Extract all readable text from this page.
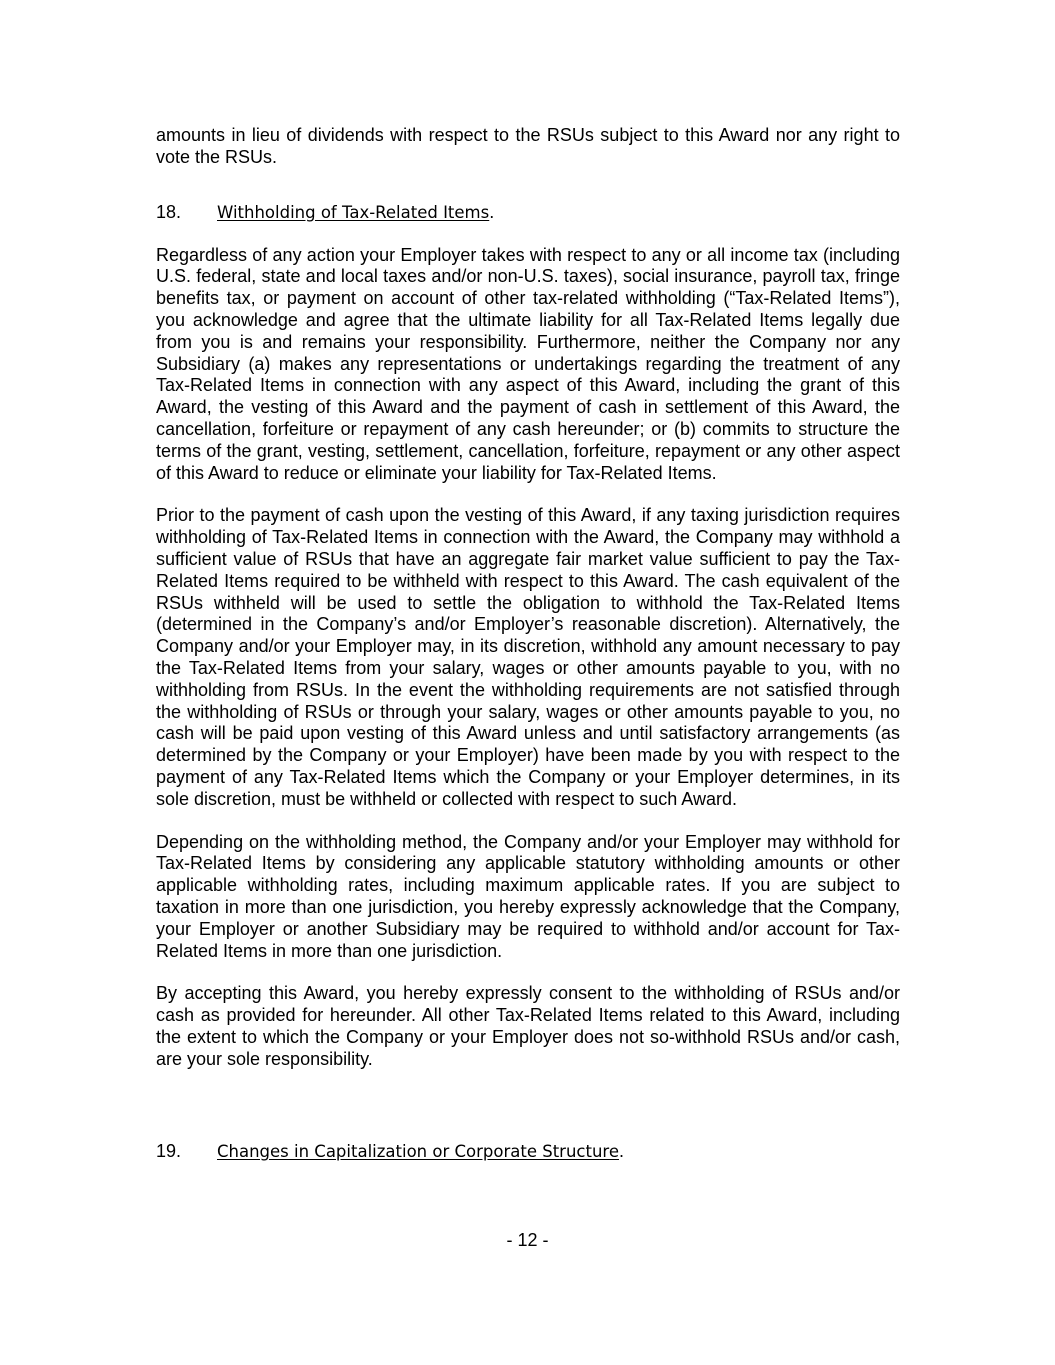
amounts in lieu of dividends with respect to the RSUs subject to this Award nor any right to vote the RSUs.

18.	Withholding of Tax-Related Items.

Regardless of any action your Employer takes with respect to any or all income tax (including U.S. federal, state and local taxes and/or non-U.S. taxes), social insurance, payroll tax, fringe benefits tax, or payment on account of other tax-related withholding (“Tax-Related Items”), you acknowledge and agree that the ultimate liability for all Tax-Related Items legally due from you is and remains your responsibility. Furthermore, neither the Company nor any Subsidiary (a) makes any representations or undertakings regarding the treatment of any Tax-Related Items in connection with any aspect of this Award, including the grant of this Award, the vesting of this Award and the payment of cash in settlement of this Award, the cancellation, forfeiture or repayment of any cash hereunder; or (b) commits to structure the terms of the grant, vesting, settlement, cancellation, forfeiture, repayment or any other aspect of this Award to reduce or eliminate your liability for Tax-Related Items.

Prior to the payment of cash upon the vesting of this Award, if any taxing jurisdiction requires withholding of Tax-Related Items in connection with the Award, the Company may withhold a sufficient value of RSUs that have an aggregate fair market value sufficient to pay the Tax-Related Items required to be withheld with respect to this Award. The cash equivalent of the RSUs withheld will be used to settle the obligation to withhold the Tax-Related Items (determined in the Company’s and/or Employer’s reasonable discretion). Alternatively, the Company and/or your Employer may, in its discretion, withhold any amount necessary to pay the Tax-Related Items from your salary, wages or other amounts payable to you, with no withholding from RSUs. In the event the withholding requirements are not satisfied through the withholding of RSUs or through your salary, wages or other amounts payable to you, no cash will be paid upon vesting of this Award unless and until satisfactory arrangements (as determined by the Company or your Employer) have been made by you with respect to the payment of any Tax-Related Items which the Company or your Employer determines, in its sole discretion, must be withheld or collected with respect to such Award.

Depending on the withholding method, the Company and/or your Employer may withhold for Tax-Related Items by considering any applicable statutory withholding amounts or other applicable withholding rates, including maximum applicable rates. If you are subject to taxation in more than one jurisdiction, you hereby expressly acknowledge that the Company, your Employer or another Subsidiary may be required to withhold and/or account for Tax-Related Items in more than one jurisdiction.

By accepting this Award, you hereby expressly consent to the withholding of RSUs and/or cash as provided for hereunder. All other Tax-Related Items related to this Award, including the extent to which the Company or your Employer does not so-withhold RSUs and/or cash, are your sole responsibility.

19.	Changes in Capitalization or Corporate Structure.
- 12 -
